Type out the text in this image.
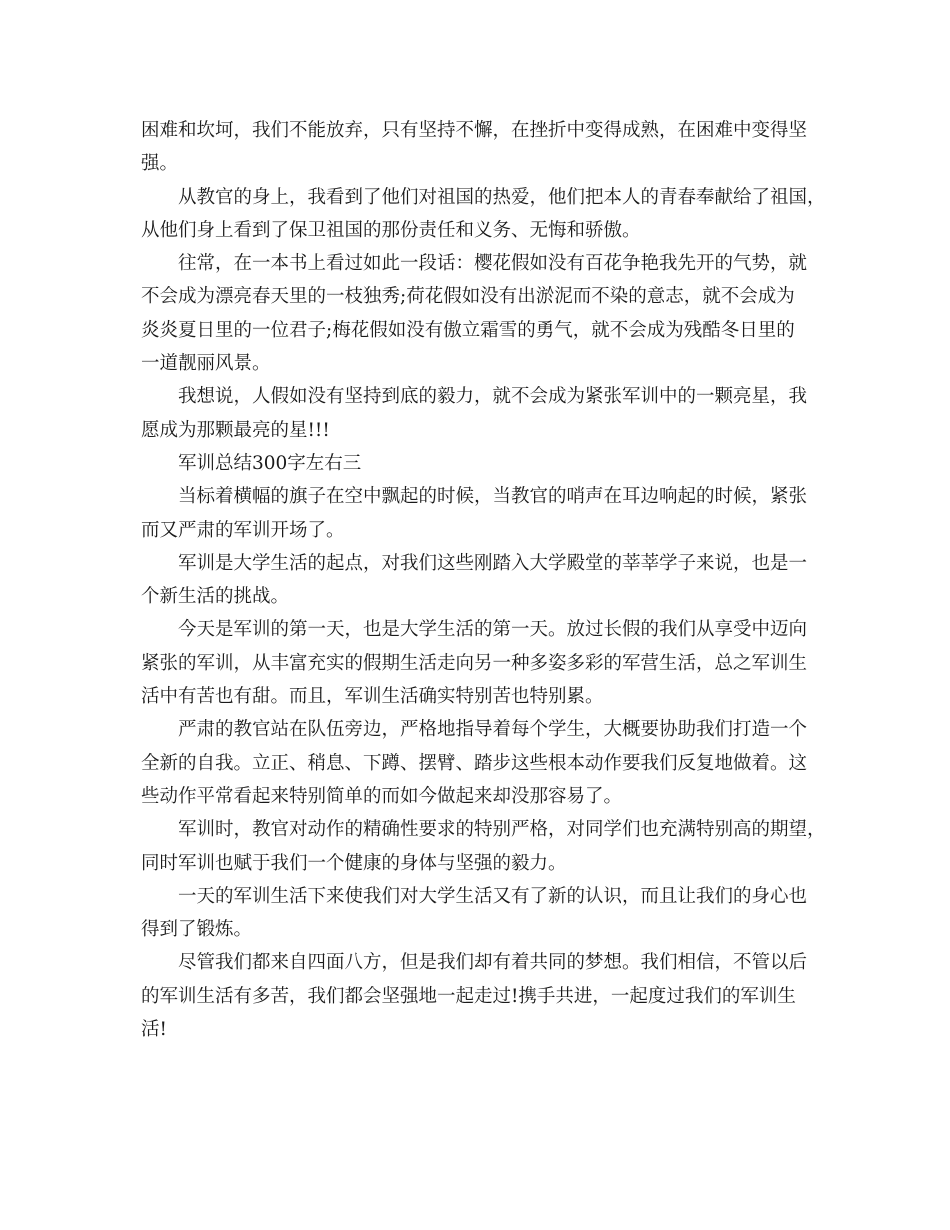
困难和坎坷，我们不能放弃，只有坚持不懈，在挫折中变得成熟，在困难中变得坚
强。
从教官的身上，我看到了他们对祖国的热爱，他们把本人的青春奉献给了祖国，
从他们身上看到了保卫祖国的那份责任和义务、无悔和骄傲。
往常，在一本书上看过如此一段话：樱花假如没有百花争艳我先开的气势，就
不会成为漂亮春天里的一枝独秀;荷花假如没有出淤泥而不染的意志，就不会成为
炎炎夏日里的一位君子;梅花假如没有傲立霜雪的勇气，就不会成为残酷冬日里的
一道靓丽风景。
我想说，人假如没有坚持到底的毅力，就不会成为紧张军训中的一颗亮星，我
愿成为那颗最亮的星!!!
军训总结300字左右三
当标着横幅的旗子在空中飘起的时候，当教官的哨声在耳边响起的时候，紧张
而又严肃的军训开场了。
军训是大学生活的起点，对我们这些刚踏入大学殿堂的莘莘学子来说，也是一
个新生活的挑战。
今天是军训的第一天，也是大学生活的第一天。放过长假的我们从享受中迈向
紧张的军训，从丰富充实的假期生活走向另一种多姿多彩的军营生活，总之军训生
活中有苦也有甜。而且，军训生活确实特别苦也特别累。
严肃的教官站在队伍旁边，严格地指导着每个学生，大概要协助我们打造一个
全新的自我。立正、稍息、下蹲、摆臂、踏步这些根本动作要我们反复地做着。这
些动作平常看起来特别简单的而如今做起来却没那容易了。
军训时，教官对动作的精确性要求的特别严格，对同学们也充满特别高的期望，
同时军训也赋于我们一个健康的身体与坚强的毅力。
一天的军训生活下来使我们对大学生活又有了新的认识，而且让我们的身心也
得到了锻炼。
尽管我们都来自四面八方，但是我们却有着共同的梦想。我们相信，不管以后
的军训生活有多苦，我们都会坚强地一起走过!携手共进，一起度过我们的军训生
活!
